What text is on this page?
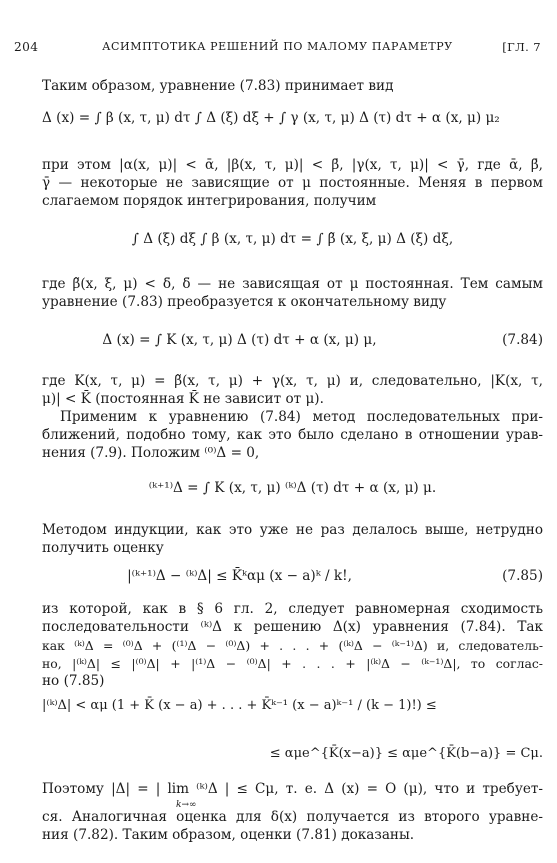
204	АСИМПТОТИКА РЕШЕНИЙ ПО МАЛОМУ ПАРАМЕТРУ	[ГЛ. 7
Таким образом, уравнение (7.83) принимает вид
Δ (x) = ∫ β (x, τ, μ) dτ ∫ Δ (ξ) dξ + ∫ γ (x, τ, μ) Δ (τ) dτ + α (x, μ) μ₂
при этом |α(x, μ)| < ᾱ, |β(x, τ, μ)| < β̄, |γ(x, τ, μ)| < γ̄, где ᾱ, β̄,
γ̄ — некоторые не зависящие от μ постоянные. Меняя в первом
слагаемом порядок интегрирования, получим
∫ Δ (ξ) dξ ∫ β (x, τ, μ) dτ = ∫ β̃ (x, ξ, μ) Δ (ξ) dξ,
где β̃(x, ξ, μ) < δ̄, δ̄ — не зависящая от μ постоянная. Тем самым
уравнение (7.83) преобразуется к окончательному виду
Δ (x) = ∫ K (x, τ, μ) Δ (τ) dτ + α (x, μ) μ,	(7.84)
где K(x, τ, μ) = β̃(x, τ, μ) + γ(x, τ, μ) и, следовательно, |K(x, τ,
μ)| < K̄ (постоянная K̄ не зависит от μ).
Применим к уравнению (7.84) метод последовательных при-
ближений, подобно тому, как это было сделано в отношении урав-
нения (7.9). Положим ⁽⁰⁾Δ = 0,
⁽ᵏ⁺¹⁾Δ = ∫ K (x, τ, μ) ⁽ᵏ⁾Δ (τ) dτ + α (x, μ) μ.
Методом индукции, как это уже не раз делалось выше, нетрудно
получить оценку
|⁽ᵏ⁺¹⁾Δ − ⁽ᵏ⁾Δ| ≤ K̄ᵏαμ (x − a)ᵏ / k!,	(7.85)
из которой, как в § 6 гл. 2, следует равномерная сходимость
последовательности ⁽ᵏ⁾Δ к решению Δ(x) уравнения (7.84). Так
как ⁽ᵏ⁾Δ = ⁽⁰⁾Δ + (⁽¹⁾Δ − ⁽⁰⁾Δ) + . . . + (⁽ᵏ⁾Δ − ⁽ᵏ⁻¹⁾Δ) и, следователь-
но, |⁽ᵏ⁾Δ| ≤ |⁽⁰⁾Δ| + |⁽¹⁾Δ − ⁽⁰⁾Δ| + . . . + |⁽ᵏ⁾Δ − ⁽ᵏ⁻¹⁾Δ|, то соглас-
но (7.85)
|⁽ᵏ⁾Δ| < αμ (1 + K̄ (x − a) + . . . + K̄ᵏ⁻¹ (x − a)ᵏ⁻¹ / (k − 1)!) ≤
≤ αμe^{K̄(x−a)} ≤ αμe^{K̄(b−a)} = Cμ.
Поэтому |Δ| = | lim ⁽ᵏ⁾Δ | ≤ Cμ, т. е. Δ (x) = O (μ), что и требует-
k→∞
ся. Аналогичная оценка для δ(x) получается из второго уравне-
ния (7.82). Таким образом, оценки (7.81) доказаны.
